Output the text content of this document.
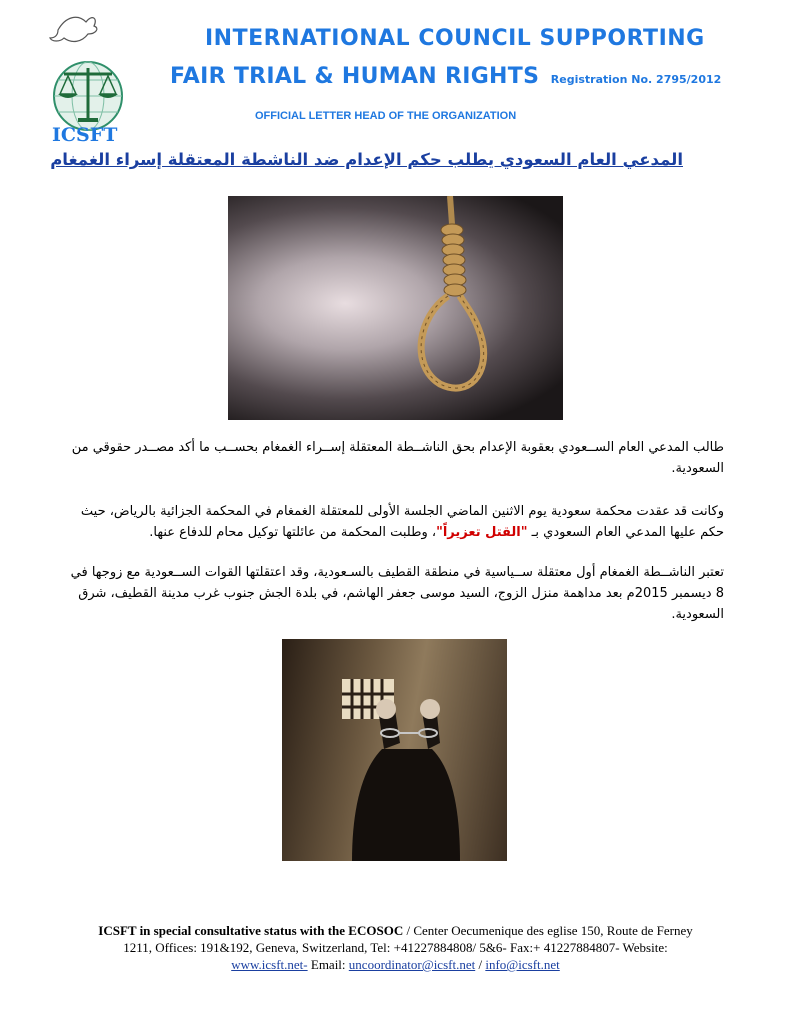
ICSFT
INTERNATIONAL COUNCIL SUPPORTING
FAIR TRIAL & HUMAN RIGHTS Registration No. 2795/2012
OFFICIAL LETTER HEAD OF THE ORGANIZATION
المدعي العام السعودي يطلب حكم الإعدام ضد الناشطة المعتقلة إسراء الغمغام
طالب المدعي العام الســعودي بعقوبة الإعدام بحق الناشــطة المعتقلة إســراء الغمغام بحســب ما أكد مصــدر حقوقي من السعودية.
وكانت قد عقدت محكمة سعودية يوم الاثنين الماضي الجلسة الأولى للمعتقلة الغمغام في المحكمة الجزائية بالرياض، حيث حكم عليها المدعي العام السعودي بـ "القتل تعزيراً"، وطلبت المحكمة من عائلتها توكيل محام للدفاع عنها.
تعتبر الناشــطة الغمغام أول معتقلة ســياسية في منطقة القطيف بالسـعودية، وقد اعتقلتها القوات الســعودية مع زوجها في 8 ديسمبر 2015م بعد مداهمة منزل الزوج، السيد موسى جعفر الهاشم، في بلدة الجش جنوب غرب مدينة القطيف، شرق السعودية.
ICSFT in special consultative status with the ECOSOC / Center Oecumenique des eglise 150, Route de Ferney
1211, Offices: 191&192, Geneva, Switzerland, Tel: +41227884808/ 5&6- Fax:+ 41227884807- Website:
www.icsft.net- Email: uncoordinator@icsft.net / info@icsft.net
